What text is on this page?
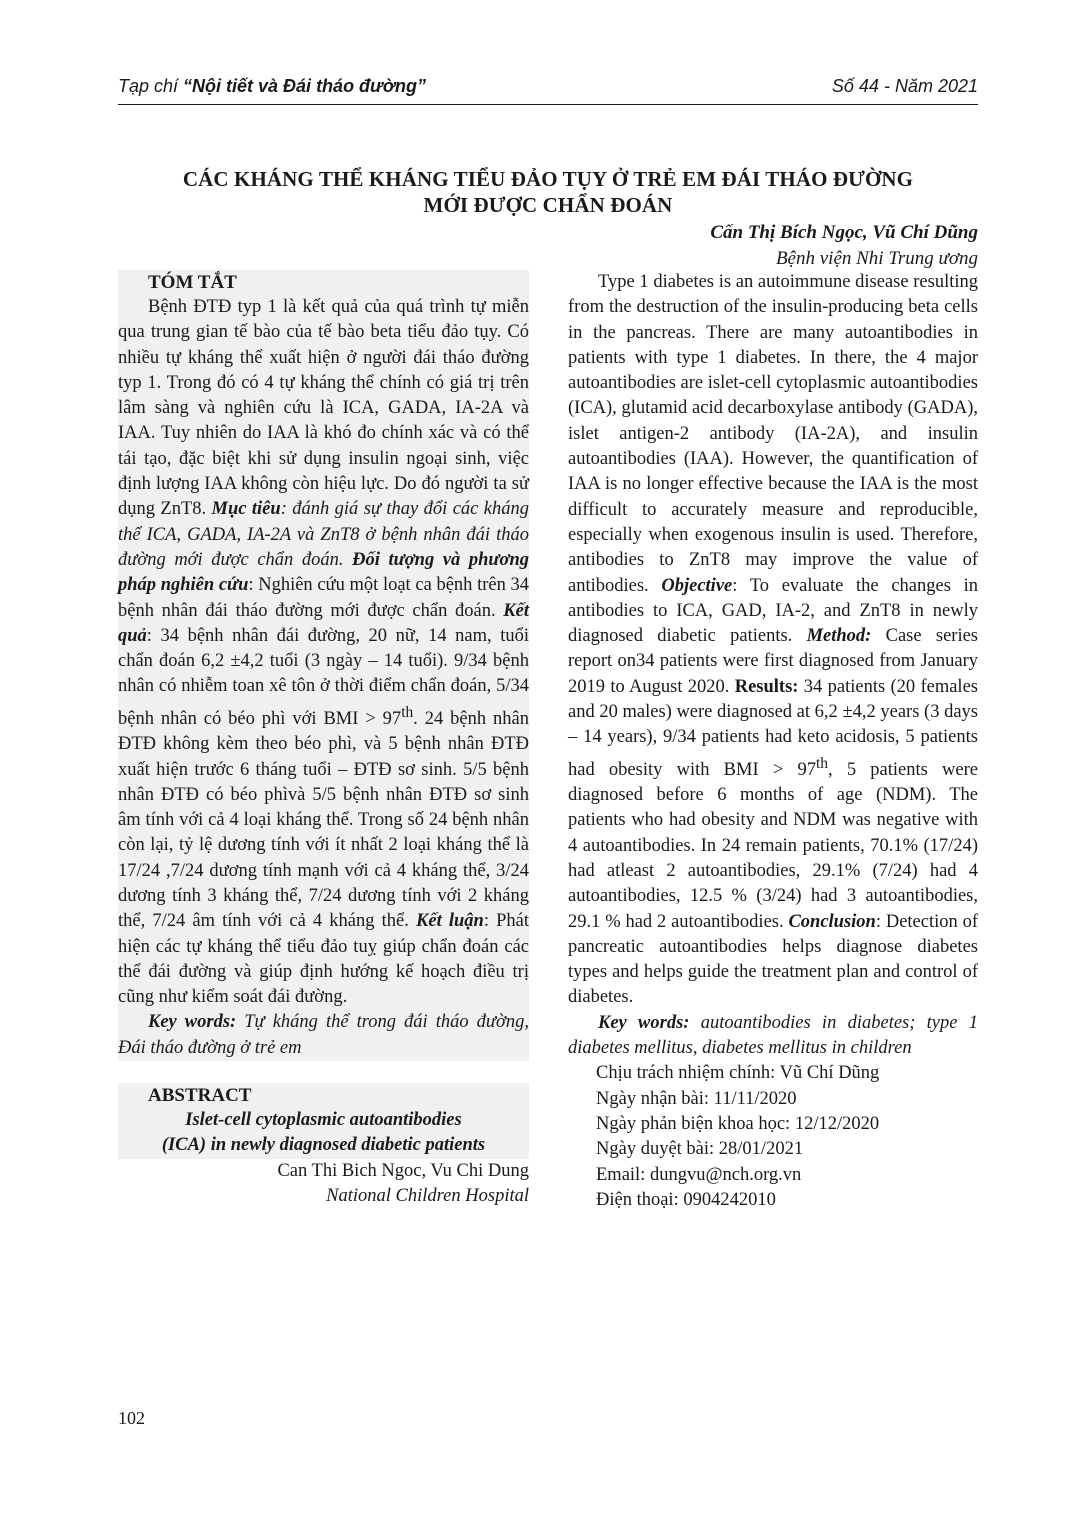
Tạp chí “Nội tiết và Đái tháo đường”	Số 44 - Năm 2021
CÁC KHÁNG THỂ KHÁNG TIỂU ĐẢO TỤY Ở TRẺ EM ĐÁI THÁO ĐƯỜNG
MỚI ĐƯỢC CHẨN ĐOÁN
Cấn Thị Bích Ngọc, Vũ Chí Dũng
Bệnh viện Nhi Trung ương

TÓM TẮT

Bệnh ĐTĐ typ 1 là kết quả của quá trình tự miễn qua trung gian tế bào của tế bào beta tiểu đảo tụy. Có nhiều tự kháng thể xuất hiện ở người đái tháo đường typ 1. Trong đó có 4 tự kháng thể chính có giá trị trên lâm sàng và nghiên cứu là ICA, GADA, IA-2A và IAA. Tuy nhiên do IAA là khó đo chính xác và có thể tái tạo, đặc biệt khi sử dụng insulin ngoại sinh, việc định lượng IAA không còn hiệu lực. Do đó người ta sử dụng ZnT8. Mục tiêu: đánh giá sự thay đổi các kháng thể ICA, GADA, IA-2A và ZnT8 ở bệnh nhân đái tháo đường mới được chẩn đoán. Đối tượng và phương pháp nghiên cứu: Nghiên cứu một loạt ca bệnh trên 34 bệnh nhân đái tháo đường mới được chẩn đoán. Kết quả: 34 bệnh nhân đái đường, 20 nữ, 14 nam, tuổi chẩn đoán 6,2 ±4,2 tuổi (3 ngày – 14 tuổi). 9/34 bệnh nhân có nhiễm toan xê tôn ở thời điểm chẩn đoán, 5/34 bệnh nhân có béo phì với BMI > 97th. 24 bệnh nhân ĐTĐ không kèm theo béo phì, và 5 bệnh nhân ĐTĐ xuất hiện trước 6 tháng tuổi – ĐTĐ sơ sinh. 5/5 bệnh nhân ĐTĐ có béo phìvà 5/5 bệnh nhân ĐTĐ sơ sinh âm tính với cả 4 loại kháng thể. Trong số 24 bệnh nhân còn lại, tỷ lệ dương tính với ít nhất 2 loại kháng thể là 17/24 ,7/24 dương tính mạnh với cả 4 kháng thể, 3/24 dương tính 3 kháng thể, 7/24 dương tính với 2 kháng thể, 7/24 âm tính với cả 4 kháng thể. Kết luận: Phát hiện các tự kháng thể tiểu đảo tuỵ giúp chẩn đoán các thể đái đường và giúp định hướng kế hoạch điều trị cũng như kiểm soát đái đường.

Key words: Tự kháng thể trong đái tháo đường, Đái tháo đường ở trẻ em

ABSTRACT

Islet-cell cytoplasmic autoantibodies

(ICA) in newly diagnosed diabetic patients

Can Thi Bich Ngoc, Vu Chi Dung

National Children Hospital

Type 1 diabetes is an autoimmune disease resulting from the destruction of the insulin-producing beta cells in the pancreas. There are many autoantibodies in patients with type 1 diabetes. In there, the 4 major autoantibodies are islet-cell cytoplasmic autoantibodies (ICA), glutamid acid decarboxylase antibody (GADA), islet antigen-2 antibody (IA-2A), and insulin autoantibodies (IAA). However, the quantification of IAA is no longer effective because the IAA is the most difficult to accurately measure and reproducible, especially when exogenous insulin is used. Therefore, antibodies to ZnT8 may improve the value of antibodies. Objective: To evaluate the changes in antibodies to ICA, GAD, IA-2, and ZnT8 in newly diagnosed diabetic patients. Method: Case series report on34 patients were first diagnosed from January 2019 to August 2020. Results: 34 patients (20 females and 20 males) were diagnosed at 6,2 ±4,2 years (3 days – 14 years), 9/34 patients had keto acidosis, 5 patients had obesity with BMI > 97th, 5 patients were diagnosed before 6 months of age (NDM). The patients who had obesity and NDM was negative with 4 autoantibodies. In 24 remain patients, 70.1% (17/24) had atleast 2 autoantibodies, 29.1% (7/24) had 4 autoantibodies, 12.5 % (3/24) had 3 autoantibodies, 29.1 % had 2 autoantibodies. Conclusion: Detection of pancreatic autoantibodies helps diagnose diabetes types and helps guide the treatment plan and control of diabetes.

Key words: autoantibodies in diabetes; type 1 diabetes mellitus, diabetes mellitus in children

Chịu trách nhiệm chính: Vũ Chí Dũng

Ngày nhận bài: 11/11/2020

Ngày phản biện khoa học: 12/12/2020

Ngày duyệt bài: 28/01/2021

Email: dungvu@nch.org.vn

Điện thoại: 0904242010

102
